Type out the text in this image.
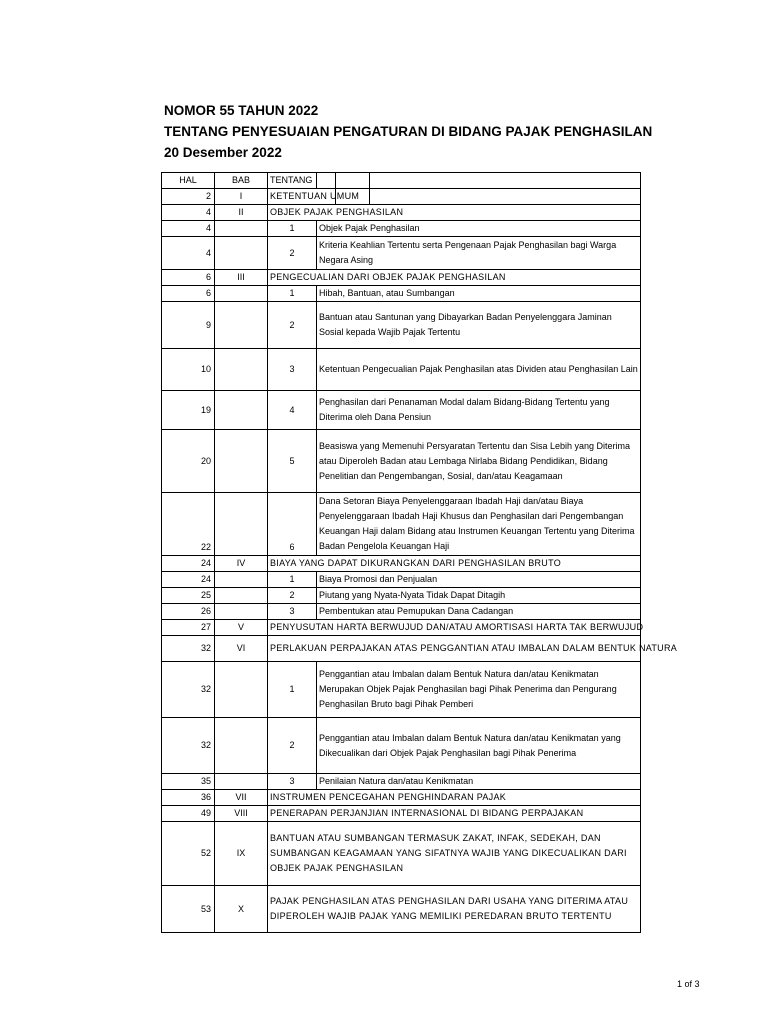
NOMOR 55 TAHUN 2022
TENTANG PENYESUAIAN PENGATURAN DI BIDANG PAJAK PENGHASILAN
20 Desember 2022
HAL	BAB	TENTANG			
2	I	KETENTUAN UMUM			
4	II	OBJEK PAJAK PENGHASILAN			
4		1	Objek Pajak Penghasilan		
4		2	Kriteria Keahlian Tertentu serta Pengenaan Pajak Penghasilan bagi Warga Negara Asing		
6	III	PENGECUALIAN DARI OBJEK PAJAK PENGHASILAN			
6		1	Hibah, Bantuan, atau Sumbangan		
9		2	Bantuan atau Santunan yang Dibayarkan Badan Penyelenggara Jaminan Sosial kepada Wajib Pajak Tertentu		
10		3	Ketentuan Pengecualian Pajak Penghasilan atas Dividen atau Penghasilan Lain		
19		4	Penghasilan dari Penanaman Modal dalam Bidang-Bidang Tertentu yang Diterima oleh Dana Pensiun		
20		5	Beasiswa yang Memenuhi Persyaratan Tertentu dan Sisa Lebih yang Diterima atau Diperoleh Badan atau Lembaga Nirlaba Bidang Pendidikan, Bidang Penelitian dan Pengembangan, Sosial, dan/atau Keagamaan		
22		6	Dana Setoran Biaya Penyelenggaraan Ibadah Haji dan/atau Biaya Penyelenggaraan Ibadah Haji Khusus dan Penghasilan dari Pengembangan Keuangan Haji dalam Bidang atau Instrumen Keuangan Tertentu yang Diterima Badan Pengelola Keuangan Haji		
24	IV	BIAYA YANG DAPAT DIKURANGKAN DARI PENGHASILAN BRUTO			
24		1	Biaya Promosi dan Penjualan		
25		2	Piutang yang Nyata-Nyata Tidak Dapat Ditagih		
26		3	Pembentukan atau Pemupukan Dana Cadangan		
27	V	PENYUSUTAN HARTA BERWUJUD DAN/ATAU AMORTISASI HARTA TAK BERWUJUD			
32	VI	PERLAKUAN PERPAJAKAN ATAS PENGGANTIAN ATAU IMBALAN DALAM BENTUK NATURA			
32		1	Penggantian atau Imbalan dalam Bentuk Natura dan/atau Kenikmatan Merupakan Objek Pajak Penghasilan bagi Pihak Penerima dan Pengurang Penghasilan Bruto bagi Pihak Pemberi		
32		2	Penggantian atau Imbalan dalam Bentuk Natura dan/atau Kenikmatan yang Dikecualikan dari Objek Pajak Penghasilan bagi Pihak Penerima		
35		3	Penilaian Natura dan/atau Kenikmatan		
36	VII	INSTRUMEN PENCEGAHAN PENGHINDARAN PAJAK			
49	VIII	PENERAPAN PERJANJIAN INTERNASIONAL DI BIDANG PERPAJAKAN			
52	IX	BANTUAN ATAU SUMBANGAN TERMASUK ZAKAT, INFAK, SEDEKAH, DAN SUMBANGAN KEAGAMAAN YANG SIFATNYA WAJIB YANG DIKECUALIKAN DARI OBJEK PAJAK PENGHASILAN			
53	X	PAJAK PENGHASILAN ATAS PENGHASILAN DARI USAHA YANG DITERIMA ATAU DIPEROLEH WAJIB PAJAK YANG MEMILIKI PEREDARAN BRUTO TERTENTU			
1 of 3
